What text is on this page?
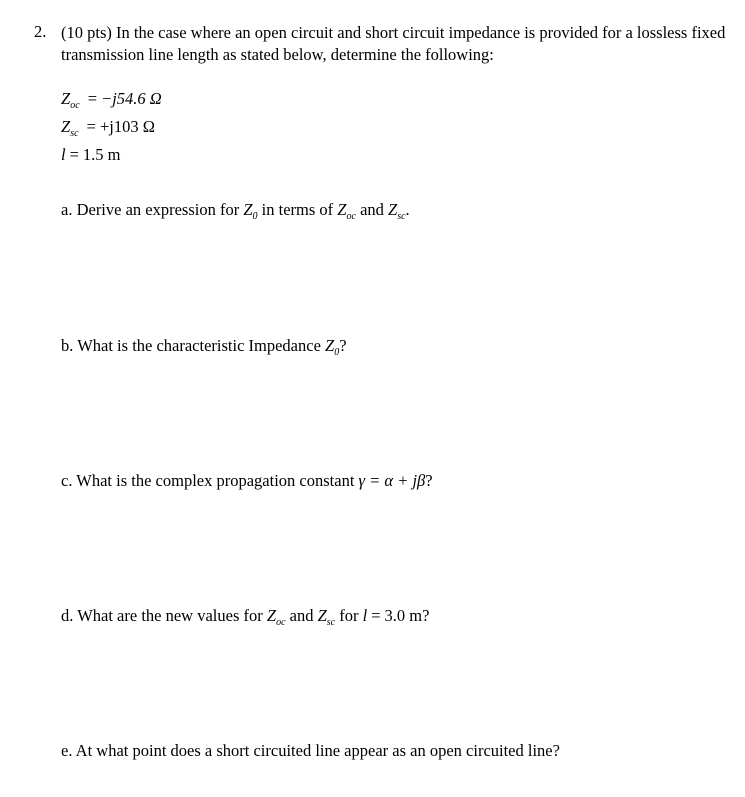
2. (10 pts) In the case where an open circuit and short circuit impedance is provided for a lossless fixed
transmission line length as stated below, determine the following:
$Z_{oc} = -j54.6$ Ω
$Z_{sc} = +j103$ Ω
l = 1.5 m
a. Derive an expression for $Z_0$ in terms of $Z_{oc}$ and $Z_{sc}$.
b. What is the characteristic Impedance $Z_0$?
c. What is the complex propagation constant γ = α + jβ?
d. What are the new values for $Z_{oc}$ and $Z_{sc}$ for l = 3.0 m?
e. At what point does a short circuited line appear as an open circuited line?
